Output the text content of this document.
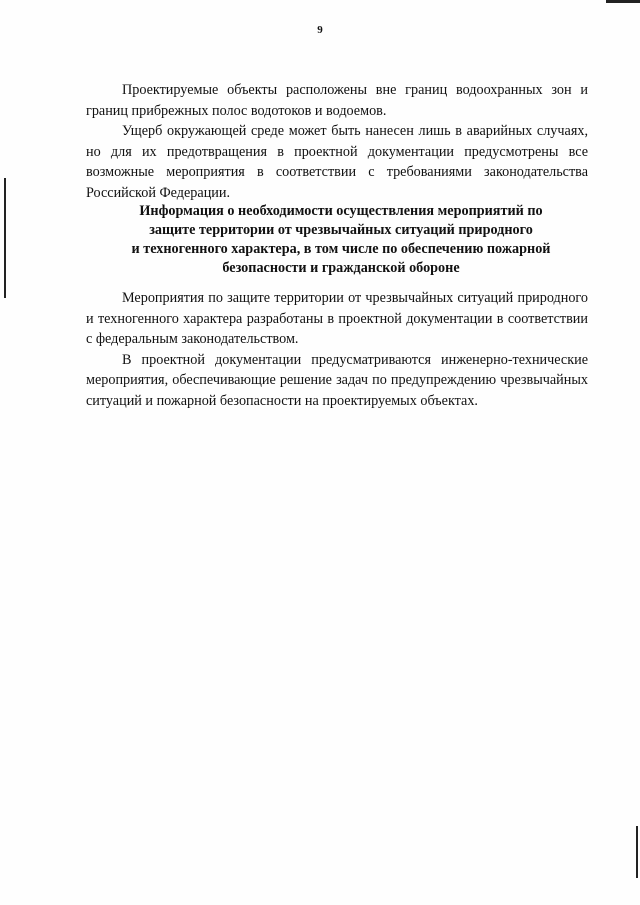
9

Проектируемые объекты расположены вне границ водоохранных зон и границ прибрежных полос водотоков и водоемов.

Ущерб окружающей среде может быть нанесен лишь в аварийных случаях, но для их предотвращения в проектной документации предусмотрены все возможные мероприятия в соответствии с требованиями законодательства Российской Федерации.

Информация о необходимости осуществления мероприятий по
защите территории от чрезвычайных ситуаций природного
и техногенного характера, в том числе по обеспечению пожарной
безопасности и гражданской обороне

Мероприятия по защите территории от чрезвычайных ситуаций природного и техногенного характера разработаны в проектной документации в соответствии с федеральным законодательством.

В проектной документации предусматриваются инженерно-технические мероприятия, обеспечивающие решение задач по предупреждению чрезвычайных ситуаций и пожарной безопасности на проектируемых объектах.
